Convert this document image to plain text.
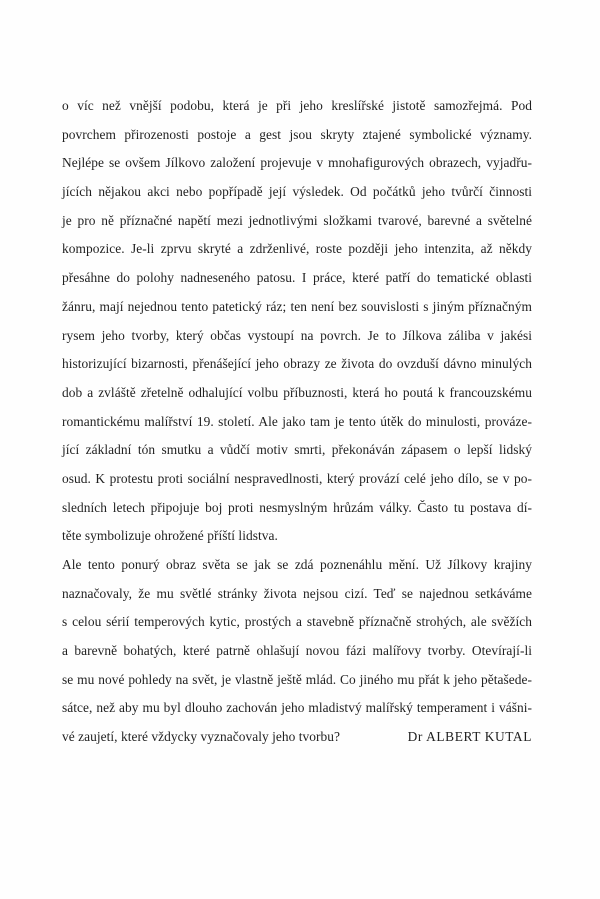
o víc než vnější podobu, která je při jeho kreslířské jistotě samozřejmá. Pod
povrchem přirozenosti postoje a gest jsou skryty ztajené symbolické významy.
Nejlépe se ovšem Jílkovo založení projevuje v mnohafigurových obrazech, vyjadřu-
jících nějakou akci nebo popřípadě její výsledek. Od počátků jeho tvůrčí činnosti
je pro ně příznačné napětí mezi jednotlivými složkami tvarové, barevné a světelné
kompozice. Je-li zprvu skryté a zdrženlivé, roste později jeho intenzita, až někdy
přesáhne do polohy nadneseného patosu. I práce, které patří do tematické oblasti
žánru, mají nejednou tento patetický ráz; ten není bez souvislosti s jiným příznačným
rysem jeho tvorby, který občas vystoupí na povrch. Je to Jílkova záliba v jakési
historizující bizarnosti, přenášející jeho obrazy ze života do ovzduší dávno minulých
dob a zvláště zřetelně odhalující volbu příbuznosti, která ho poutá k francouzskému
romantickému malířství 19. století. Ale jako tam je tento útěk do minulosti, provázе-
jící základní tón smutku a vůdčí motiv smrti, překonáván zápasem o lepší lidský
osud. K protestu proti sociální nespravedlnosti, který provází celé jeho dílo, se v po-
sledních letech připojuje boj proti nesmyslným hrůzám války. Často tu postava dí-
těte symbolizuje ohrožené příští lidstva.
Ale tento ponurý obraz světa se jak se zdá poznenáhlu mění. Už Jílkovy krajiny
naznačovaly, že mu světlé stránky života nejsou cizí. Teď se najednou setkáváme
s celou sérií temperových kytic, prostých a stavebně příznačně strohých, ale svěžích
a barevně bohatých, které patrně ohlašují novou fázi malířovy tvorby. Otevírají-li
se mu nové pohledy na svět, je vlastně ještě mlád. Co jiného mu přát k jeho pětašede-
sátce, než aby mu byl dlouho zachován jeho mladistvý malířský temperament i vášni-
vé zaujetí, které vždycky vyznačovaly jeho tvorbu?	Dr ALBERT KUTAL
